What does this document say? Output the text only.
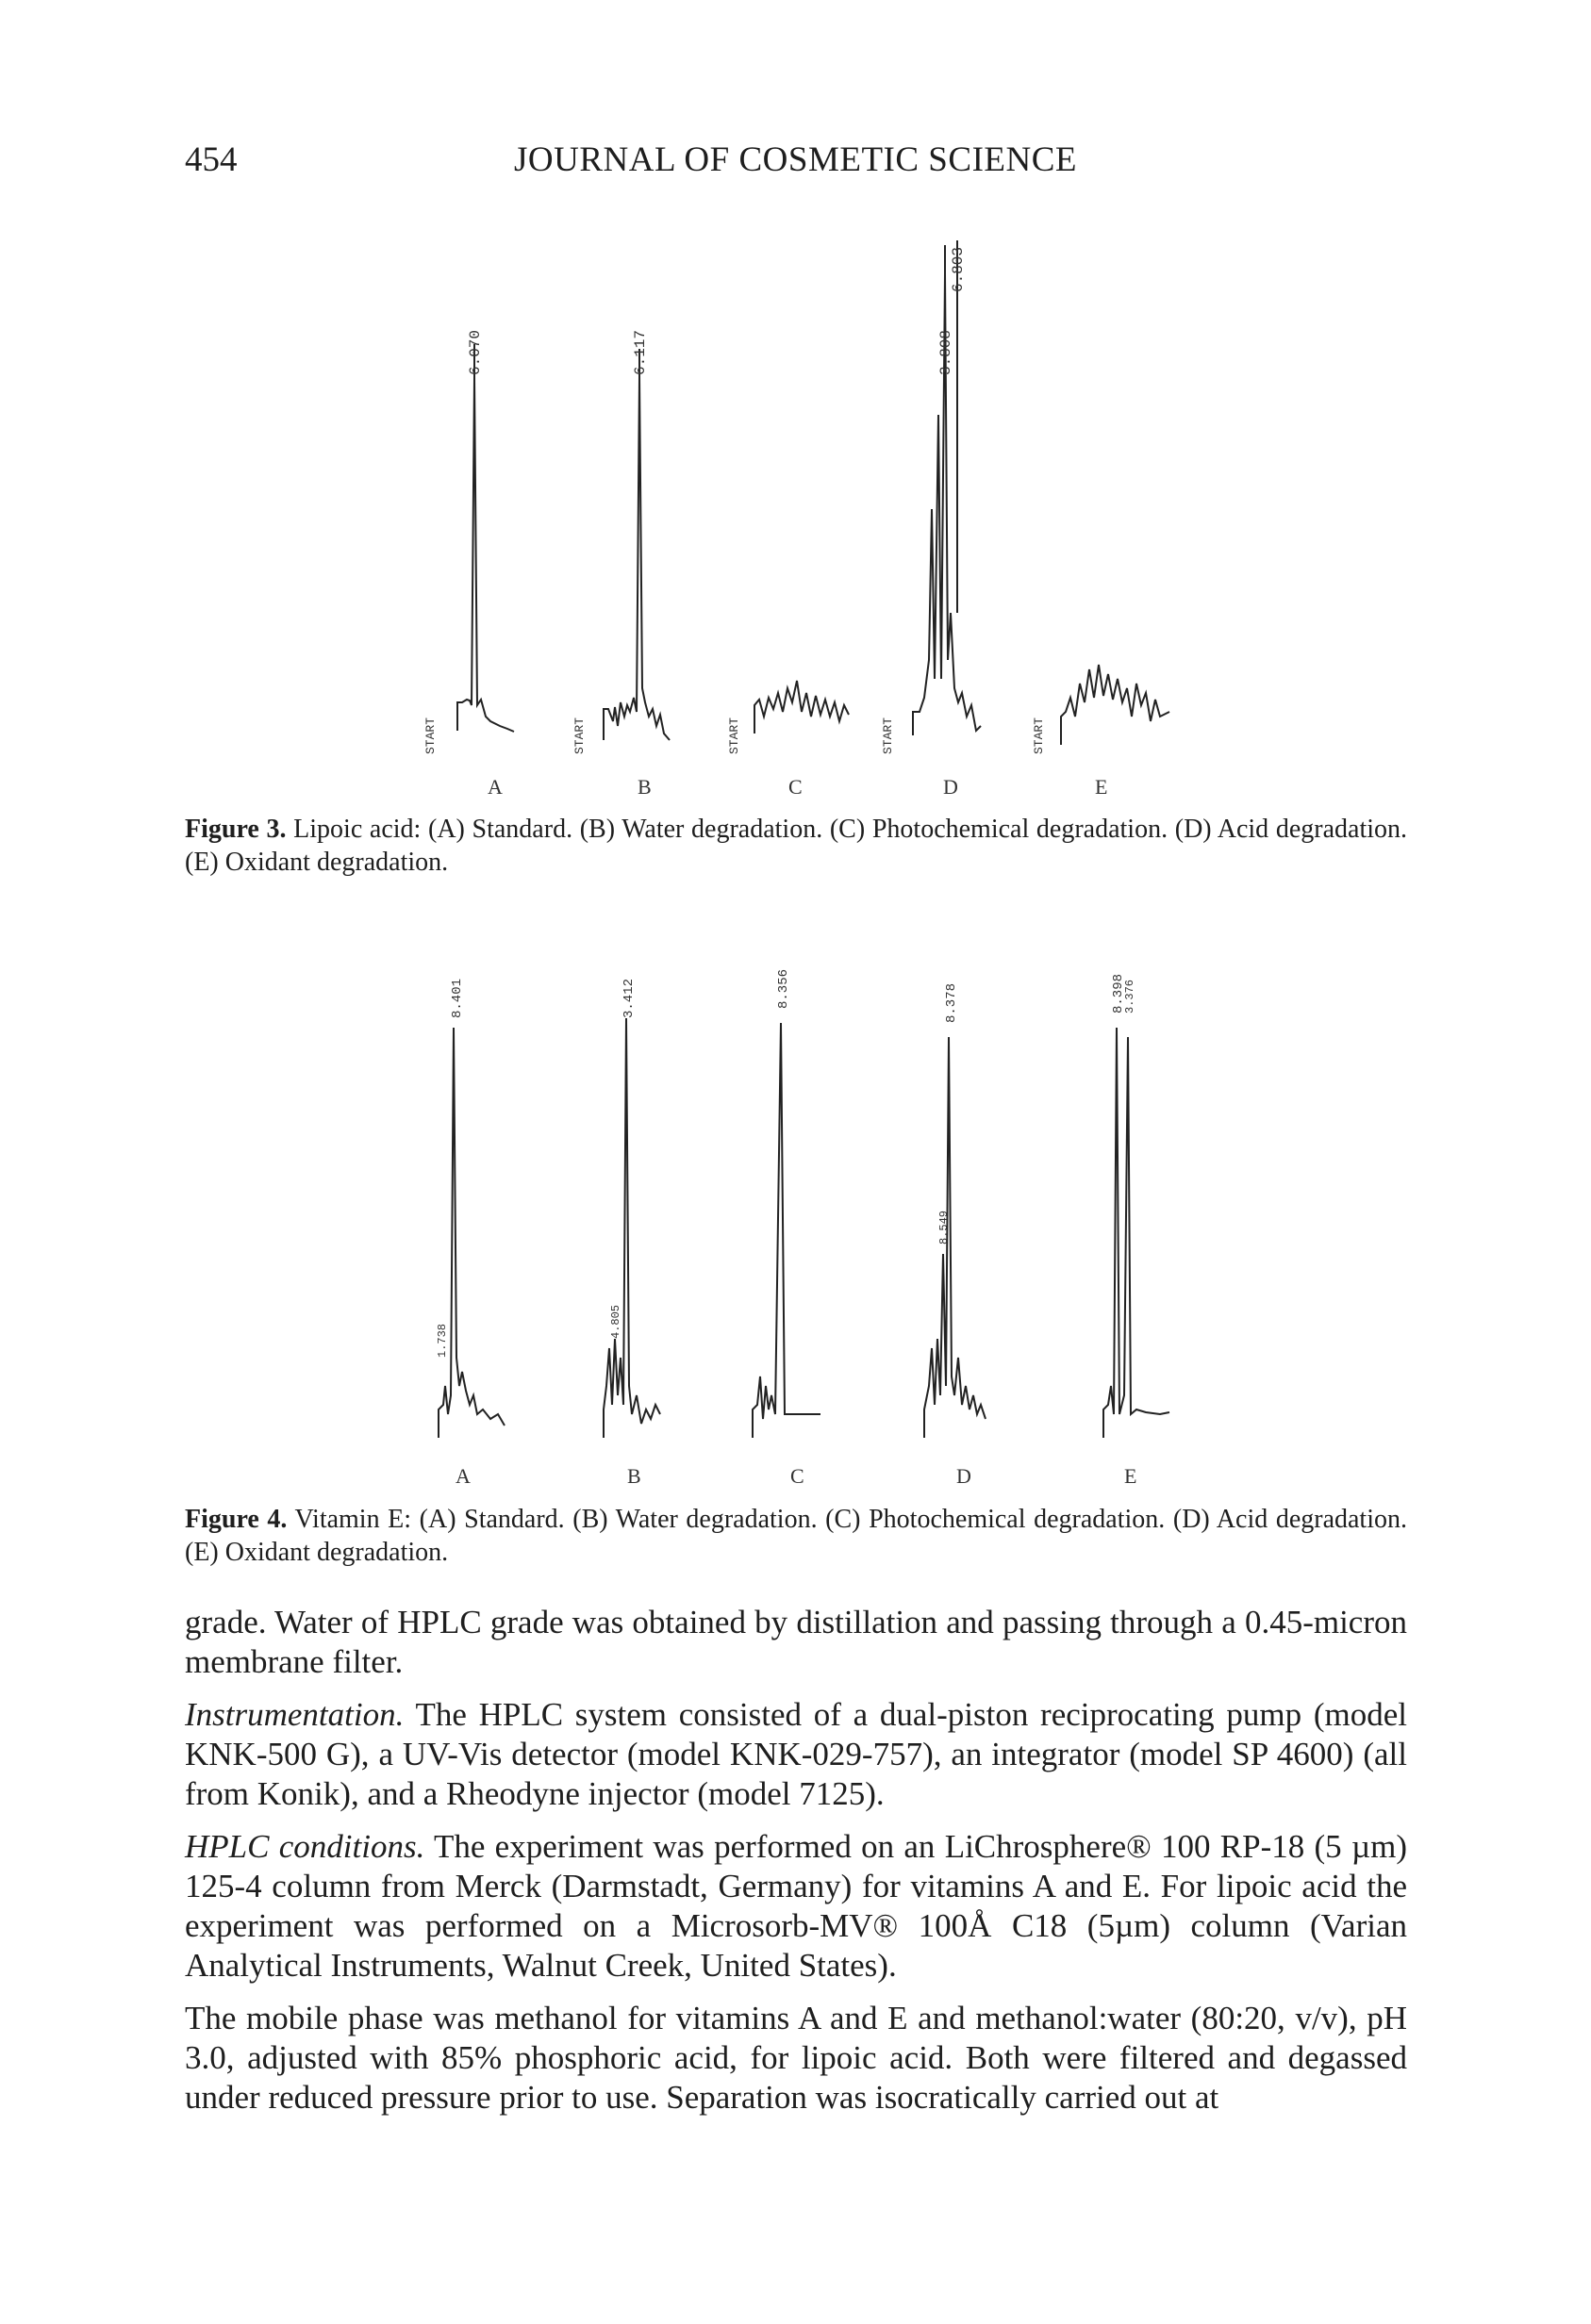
454	JOURNAL OF COSMETIC SCIENCE
6.070	6.117	3.808
6.803
START	START	START	START	START
A	B	C	D	E
Figure 3. Lipoic acid: (A) Standard. (B) Water degradation. (C) Photochemical degradation. (D) Acid degradation. (E) Oxidant degradation.
8.401	3.412	8.356	8.378	8.398
1.738
4.805
8.549
3.376
A	B	C	D	E
Figure 4. Vitamin E: (A) Standard. (B) Water degradation. (C) Photochemical degradation. (D) Acid degradation. (E) Oxidant degradation.

grade. Water of HPLC grade was obtained by distillation and passing through a 0.45-micron membrane filter.

Instrumentation. The HPLC system consisted of a dual-piston reciprocating pump (model KNK-500 G), a UV-Vis detector (model KNK-029-757), an integrator (model SP 4600) (all from Konik), and a Rheodyne injector (model 7125).

HPLC conditions. The experiment was performed on an LiChrosphere® 100 RP-18 (5 µm) 125-4 column from Merck (Darmstadt, Germany) for vitamins A and E. For lipoic acid the experiment was performed on a Microsorb-MV® 100Å C18 (5µm) column (Varian Analytical Instruments, Walnut Creek, United States).

The mobile phase was methanol for vitamins A and E and methanol:water (80:20, v/v), pH 3.0, adjusted with 85% phosphoric acid, for lipoic acid. Both were filtered and degassed under reduced pressure prior to use. Separation was isocratically carried out at
